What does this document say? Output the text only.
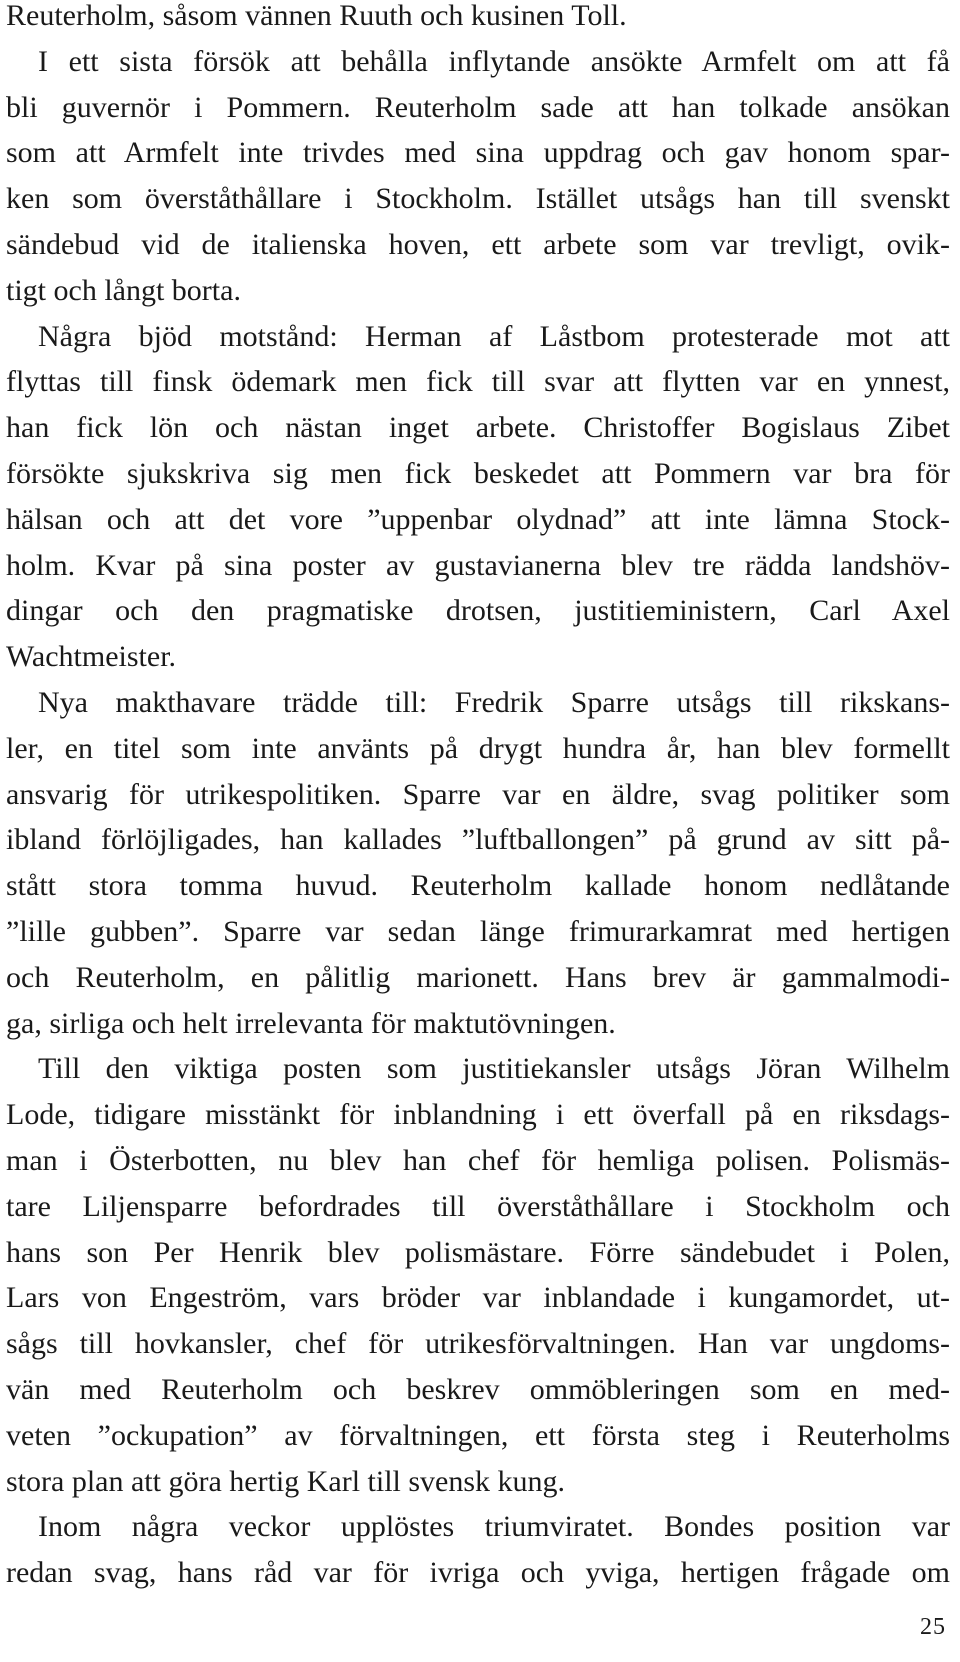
Reuterholm, såsom vännen Ruuth och kusinen Toll.
I ett sista försök att behålla inflytande ansökte Armfelt om att få
bli guvernör i Pommern. Reuterholm sade att han tolkade ansökan
som att Armfelt inte trivdes med sina uppdrag och gav honom spar-
ken som överståthållare i Stockholm. Istället utsågs han till svenskt
sändebud vid de italienska hoven, ett arbete som var trevligt, ovik-
tigt och långt borta.
Några bjöd motstånd: Herman af Låstbom protesterade mot att
flyttas till finsk ödemark men fick till svar att flytten var en ynnest,
han fick lön och nästan inget arbete. Christoffer Bogislaus Zibet
försökte sjukskriva sig men fick beskedet att Pommern var bra för
hälsan och att det vore ”uppenbar olydnad” att inte lämna Stock-
holm. Kvar på sina poster av gustavianerna blev tre rädda landshöv-
dingar och den pragmatiske drotsen, justitieministern, Carl Axel
Wachtmeister.
Nya makthavare trädde till: Fredrik Sparre utsågs till rikskans-
ler, en titel som inte använts på drygt hundra år, han blev formellt
ansvarig för utrikespolitiken. Sparre var en äldre, svag politiker som
ibland förlöjligades, han kallades ”luftballongen” på grund av sitt på-
stått stora tomma huvud. Reuterholm kallade honom nedlåtande
”lille gubben”. Sparre var sedan länge frimurarkamrat med hertigen
och Reuterholm, en pålitlig marionett. Hans brev är gammalmodi-
ga, sirliga och helt irrelevanta för maktutövningen.
Till den viktiga posten som justitiekansler utsågs Jöran Wilhelm
Lode, tidigare misstänkt för inblandning i ett överfall på en riksdags-
man i Österbotten, nu blev han chef för hemliga polisen. Polismäs-
tare Liljensparre befordrades till överståthållare i Stockholm och
hans son Per Henrik blev polismästare. Förre sändebudet i Polen,
Lars von Engeström, vars bröder var inblandade i kungamordet, ut-
sågs till hovkansler, chef för utrikesförvaltningen. Han var ungdoms-
vän med Reuterholm och beskrev ommöbleringen som en med-
veten ”ockupation” av förvaltningen, ett första steg i Reuterholms
stora plan att göra hertig Karl till svensk kung.
Inom några veckor upplöstes triumviratet. Bondes position var
redan svag, hans råd var för ivriga och yviga, hertigen frågade om
25
